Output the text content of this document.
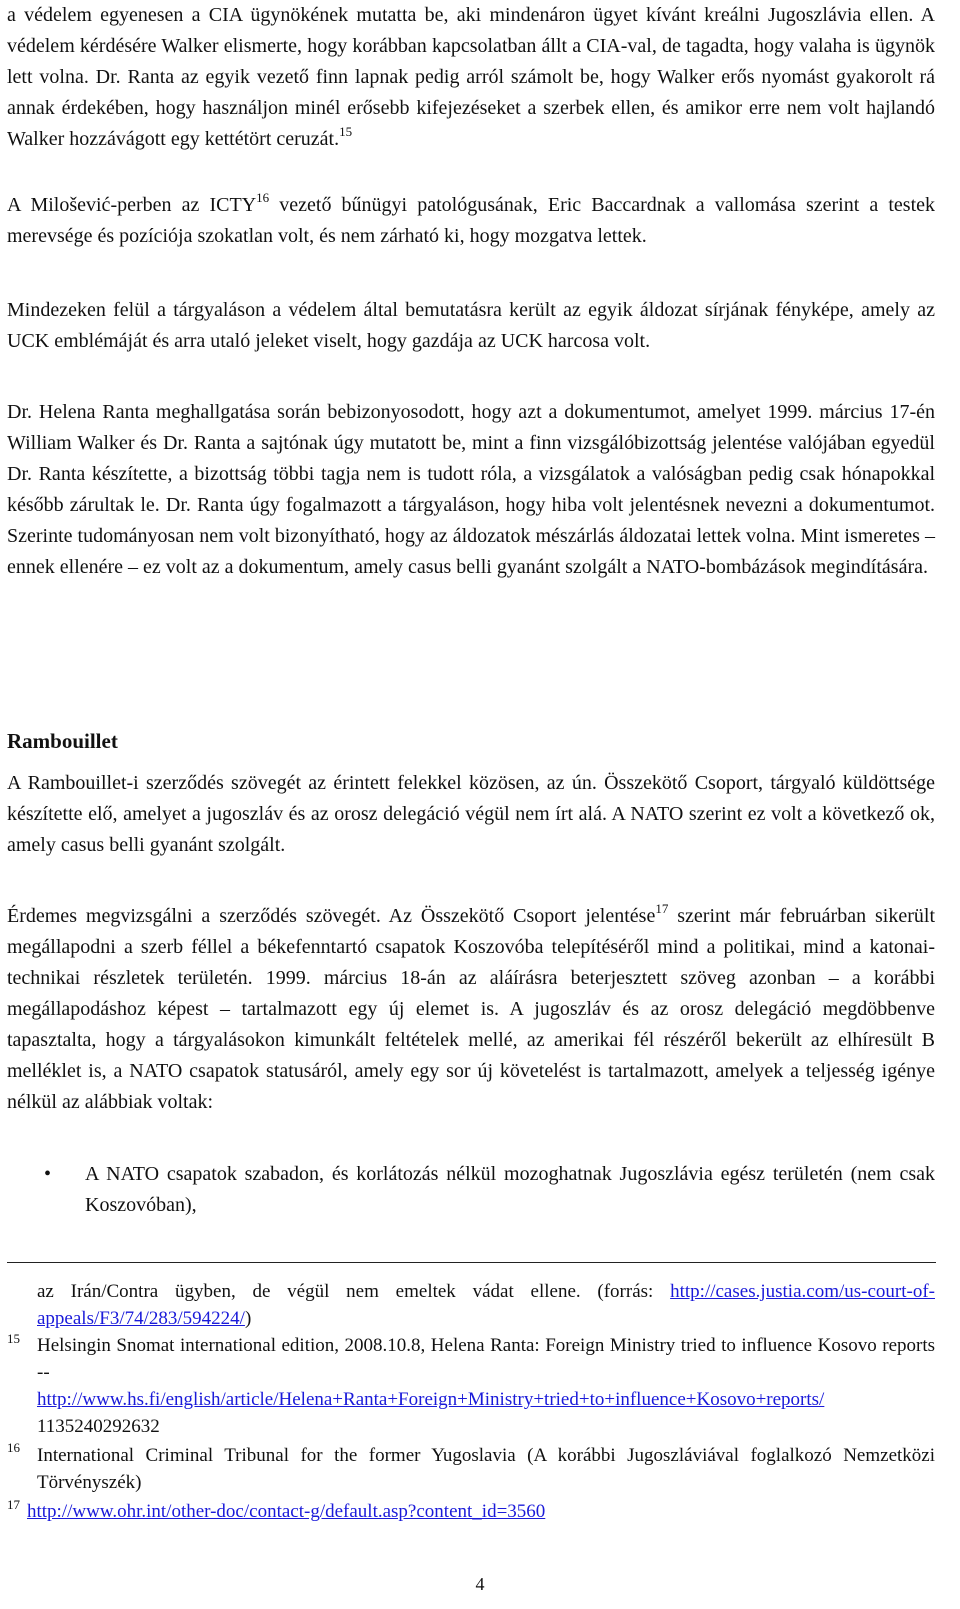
a védelem egyenesen a CIA ügynökének mutatta be, aki mindenáron ügyet kívánt kreálni Jugoszlávia ellen. A védelem kérdésére Walker elismerte, hogy korábban kapcsolatban állt a CIA-val, de tagadta, hogy valaha is ügynök lett volna. Dr. Ranta az egyik vezető finn lapnak pedig arról számolt be, hogy Walker erős nyomást gyakorolt rá annak érdekében, hogy használjon minél erősebb kifejezéseket a szerbek ellen, és amikor erre nem volt hajlandó Walker hozzávágott egy kettétört ceruzát.$^{15}$

A Milošević-perben az ICTY$^{16}$ vezető bűnügyi patológusának, Eric Baccardnak a vallomása szerint a testek merevsége és pozíciója szokatlan volt, és nem zárható ki, hogy mozgatva lettek.

Mindezeken felül a tárgyaláson a védelem által bemutatásra került az egyik áldozat sírjának fényképe, amely az UCK emblémáját és arra utaló jeleket viselt, hogy gazdája az UCK harcosa volt.

Dr. Helena Ranta meghallgatása során bebizonyosodott, hogy azt a dokumentumot, amelyet 1999. március 17-én William Walker és Dr. Ranta a sajtónak úgy mutatott be, mint a finn vizsgálóbizottság jelentése valójában egyedül Dr. Ranta készítette, a bizottság többi tagja nem is tudott róla, a vizsgálatok a valóságban pedig csak hónapokkal később zárultak le. Dr. Ranta úgy fogalmazott a tárgyaláson, hogy hiba volt jelentésnek nevezni a dokumentumot. Szerinte tudományosan nem volt bizonyítható, hogy az áldozatok mészárlás áldozatai lettek volna. Mint ismeretes – ennek ellenére – ez volt az a dokumentum, amely casus belli gyanánt szolgált a NATO-bombázások megindítására.

Rambouillet

A Rambouillet-i szerződés szövegét az érintett felekkel közösen, az ún. Összekötő Csoport, tárgyaló küldöttsége készítette elő, amelyet a jugoszláv és az orosz delegáció végül nem írt alá. A NATO szerint ez volt a következő ok, amely casus belli gyanánt szolgált.

Érdemes megvizsgálni a szerződés szövegét. Az Összekötő Csoport jelentése$^{17}$ szerint már februárban sikerült megállapodni a szerb féllel a békefenntartó csapatok Koszovóba telepítéséről mind a politikai, mind a katonai-technikai részletek területén. 1999. március 18-án az aláírásra beterjesztett szöveg azonban – a korábbi megállapodáshoz képest – tartalmazott egy új elemet is. A jugoszláv és az orosz delegáció megdöbbenve tapasztalta, hogy a tárgyalásokon kimunkált feltételek mellé, az amerikai fél részéről bekerült az elhíresült B melléklet is, a NATO csapatok statusáról, amely egy sor új követelést is tartalmazott, amelyek a teljesség igénye nélkül az alábbiak voltak:

• A NATO csapatok szabadon, és korlátozás nélkül mozoghatnak Jugoszlávia egész területén (nem csak Koszovóban),

az Irán/Contra ügyben, de végül nem emeltek vádat ellene. (forrás: http://cases.justia.com/us-court-of-appeals/F3/74/283/594224/)

15 Helsingin Snomat international edition, 2008.10.8, Helena Ranta: Foreign Ministry tried to influence Kosovo reports --
http://www.hs.fi/english/article/Helena+Ranta+Foreign+Ministry+tried+to+influence+Kosovo+reports/ 1135240292632

16 International Criminal Tribunal for the former Yugoslavia (A korábbi Jugoszláviával foglalkozó Nemzetközi Törvényszék)

17 http://www.ohr.int/other-doc/contact-g/default.asp?content_id=3560

4
